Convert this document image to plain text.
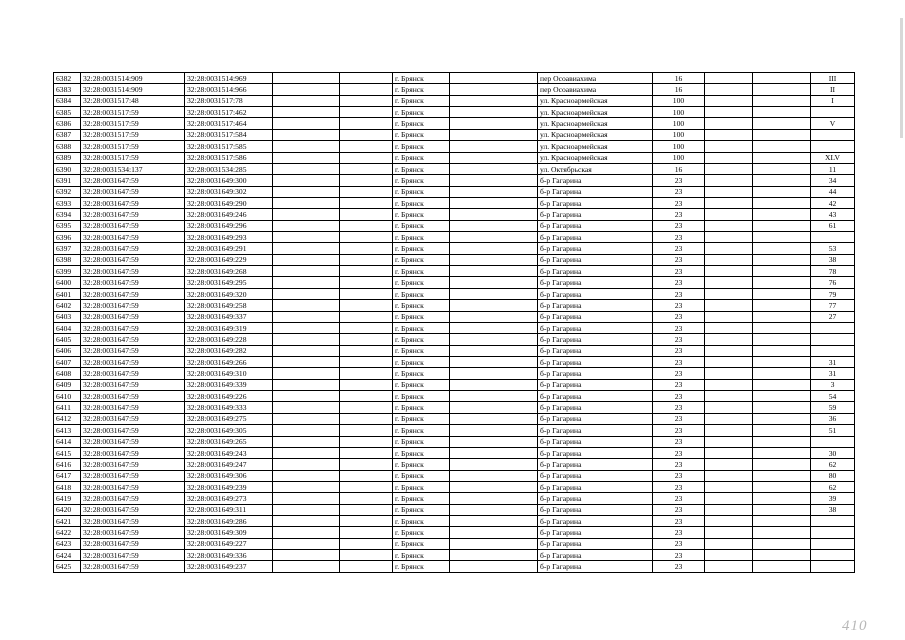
6382	32:28:0031514:909	32:28:0031514:969			г. Брянск		пер Осоавиахима	16			III
6383	32:28:0031514:909	32:28:0031514:966			г. Брянск		пер Осоавиахима	16			II
6384	32:28:0031517:48	32:28:0031517:78			г. Брянск		ул. Красноармейская	100			I
6385	32:28:0031517:59	32:28:0031517:462			г. Брянск		ул. Красноармейская	100			
6386	32:28:0031517:59	32:28:0031517:464			г. Брянск		ул. Красноармейская	100			V
6387	32:28:0031517:59	32:28:0031517:584			г. Брянск		ул. Красноармейская	100			
6388	32:28:0031517:59	32:28:0031517:585			г. Брянск		ул. Красноармейская	100			
6389	32:28:0031517:59	32:28:0031517:586			г. Брянск		ул. Красноармейская	100			XLV
6390	32:28:0031534:137	32:28:0031534:285			г. Брянск		ул. Октябрьская	16			11
6391	32:28:0031647:59	32:28:0031649:300			г. Брянск		б-р Гагарина	23			34
6392	32:28:0031647:59	32:28:0031649:302			г. Брянск		б-р Гагарина	23			44
6393	32:28:0031647:59	32:28:0031649:290			г. Брянск		б-р Гагарина	23			42
6394	32:28:0031647:59	32:28:0031649:246			г. Брянск		б-р Гагарина	23			43
6395	32:28:0031647:59	32:28:0031649:296			г. Брянск		б-р Гагарина	23			61
6396	32:28:0031647:59	32:28:0031649:293			г. Брянск		б-р Гагарина	23			
6397	32:28:0031647:59	32:28:0031649:291			г. Брянск		б-р Гагарина	23			53
6398	32:28:0031647:59	32:28:0031649:229			г. Брянск		б-р Гагарина	23			38
6399	32:28:0031647:59	32:28:0031649:268			г. Брянск		б-р Гагарина	23			78
6400	32:28:0031647:59	32:28:0031649:295			г. Брянск		б-р Гагарина	23			76
6401	32:28:0031647:59	32:28:0031649:320			г. Брянск		б-р Гагарина	23			79
6402	32:28:0031647:59	32:28:0031649:258			г. Брянск		б-р Гагарина	23			77
6403	32:28:0031647:59	32:28:0031649:337			г. Брянск		б-р Гагарина	23			27
6404	32:28:0031647:59	32:28:0031649:319			г. Брянск		б-р Гагарина	23			
6405	32:28:0031647:59	32:28:0031649:228			г. Брянск		б-р Гагарина	23			
6406	32:28:0031647:59	32:28:0031649:282			г. Брянск		б-р Гагарина	23			
6407	32:28:0031647:59	32:28:0031649:266			г. Брянск		б-р Гагарина	23			31
6408	32:28:0031647:59	32:28:0031649:310			г. Брянск		б-р Гагарина	23			31
6409	32:28:0031647:59	32:28:0031649:339			г. Брянск		б-р Гагарина	23			3
6410	32:28:0031647:59	32:28:0031649:226			г. Брянск		б-р Гагарина	23			54
6411	32:28:0031647:59	32:28:0031649:333			г. Брянск		б-р Гагарина	23			59
6412	32:28:0031647:59	32:28:0031649:275			г. Брянск		б-р Гагарина	23			36
6413	32:28:0031647:59	32:28:0031649:305			г. Брянск		б-р Гагарина	23			51
6414	32:28:0031647:59	32:28:0031649:265			г. Брянск		б-р Гагарина	23			
6415	32:28:0031647:59	32:28:0031649:243			г. Брянск		б-р Гагарина	23			30
6416	32:28:0031647:59	32:28:0031649:247			г. Брянск		б-р Гагарина	23			62
6417	32:28:0031647:59	32:28:0031649:306			г. Брянск		б-р Гагарина	23			80
6418	32:28:0031647:59	32:28:0031649:239			г. Брянск		б-р Гагарина	23			62
6419	32:28:0031647:59	32:28:0031649:273			г. Брянск		б-р Гагарина	23			39
6420	32:28:0031647:59	32:28:0031649:311			г. Брянск		б-р Гагарина	23			38
6421	32:28:0031647:59	32:28:0031649:286			г. Брянск		б-р Гагарина	23			
6422	32:28:0031647:59	32:28:0031649:309			г. Брянск		б-р Гагарина	23			
6423	32:28:0031647:59	32:28:0031649:227			г. Брянск		б-р Гагарина	23			
6424	32:28:0031647:59	32:28:0031649:336			г. Брянск		б-р Гагарина	23			
6425	32:28:0031647:59	32:28:0031649:237			г. Брянск		б-р Гагарина	23			
410
